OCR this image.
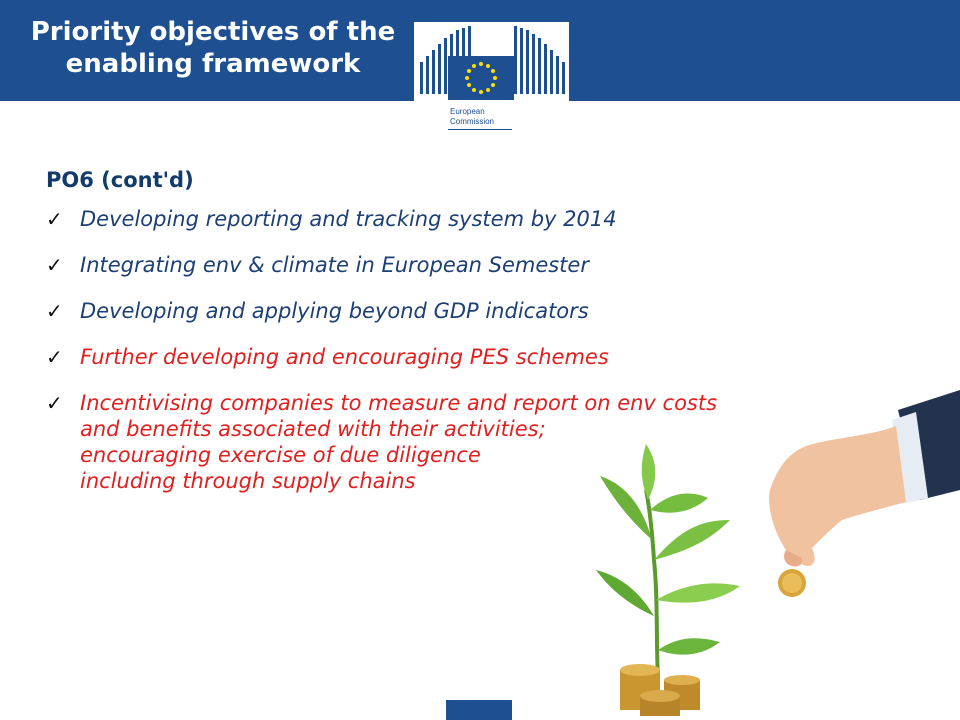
Priority objectives of the
enabling framework
European
Commission

PO6 (cont'd)

✓ Developing reporting and tracking system by 2014
✓ Integrating env & climate in European Semester
✓ Developing and applying beyond GDP indicators
✓ Further developing and encouraging PES schemes
✓ Incentivising companies to measure and report on env costs
and benefits associated with their activities;
encouraging exercise of due diligence
including through supply chains
